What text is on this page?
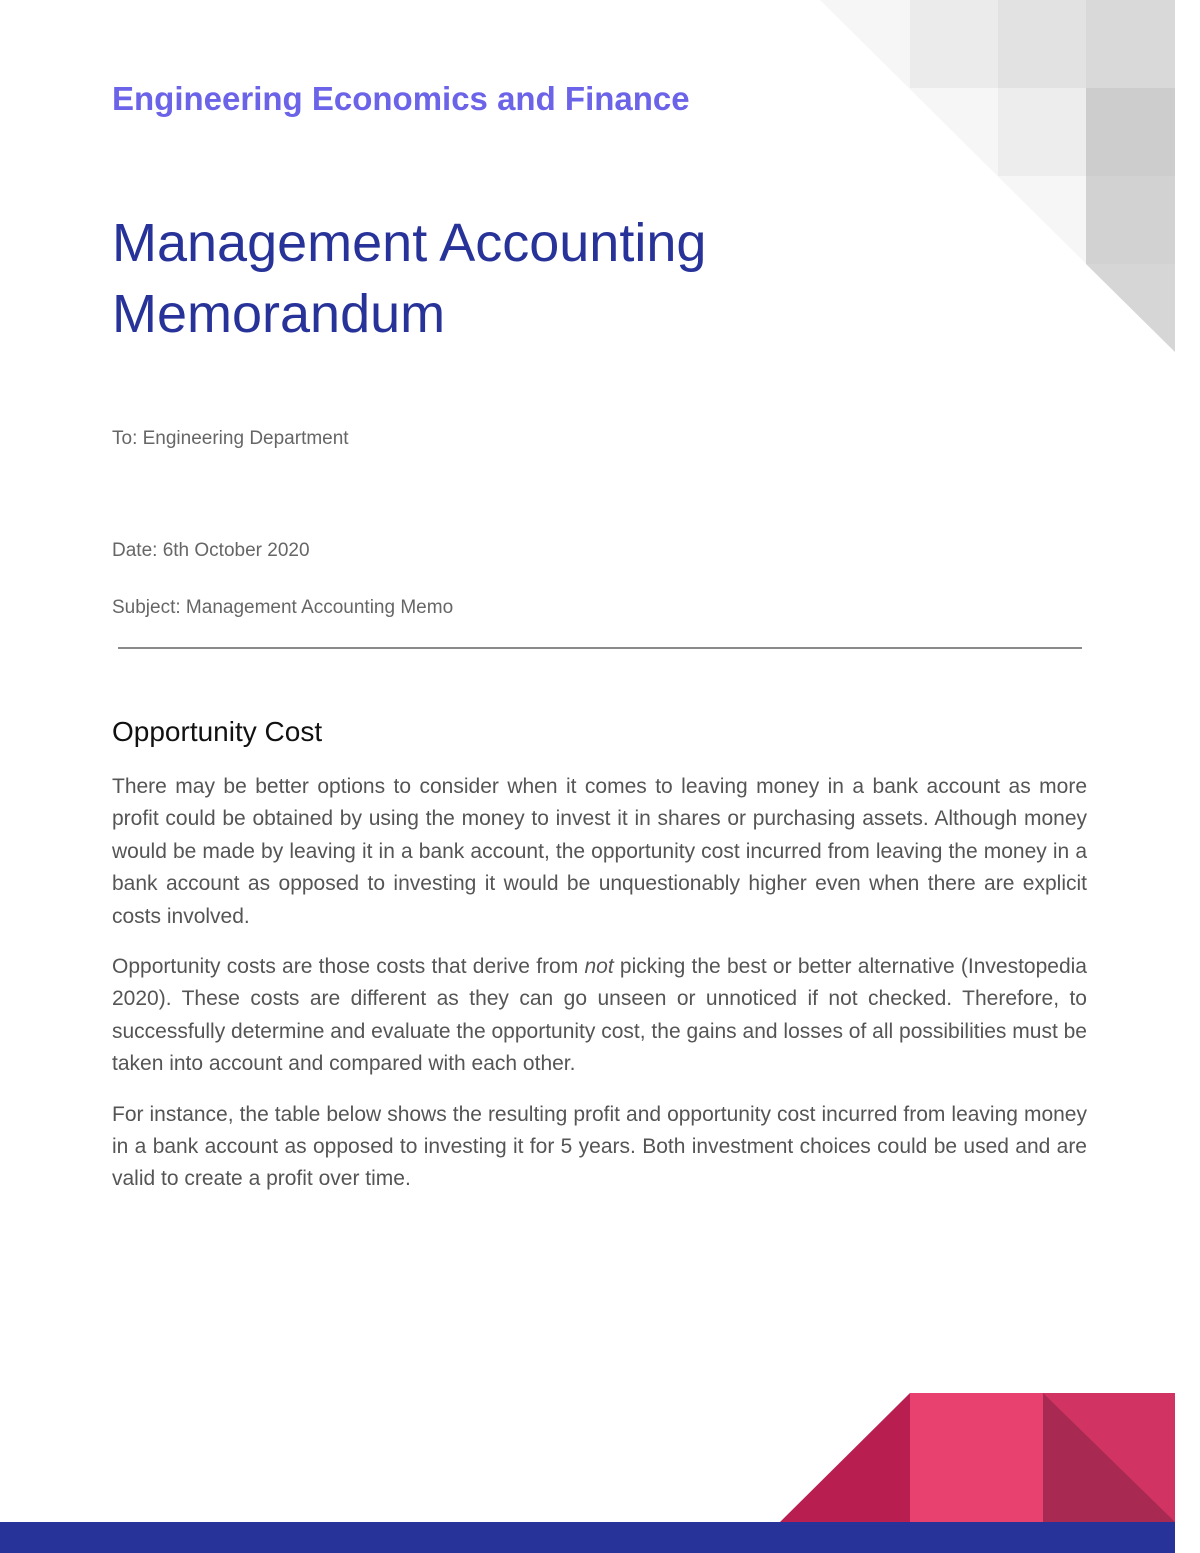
Engineering Economics and Finance
Management Accounting
Memorandum

To: Engineering Department

Date: 6th October 2020

Subject: Management Accounting Memo

Opportunity Cost

There may be better options to consider when it comes to leaving money in a bank account as more profit could be obtained by using the money to invest it in shares or purchasing assets. Although money would be made by leaving it in a bank account, the opportunity cost incurred from leaving the money in a bank account as opposed to investing it would be unquestionably higher even when there are explicit costs involved.

Opportunity costs are those costs that derive from not picking the best or better alternative (Investopedia 2020). These costs are different as they can go unseen or unnoticed if not checked. Therefore, to successfully determine and evaluate the opportunity cost, the gains and losses of all possibilities must be taken into account and compared with each other.

For instance, the table below shows the resulting profit and opportunity cost incurred from leaving money in a bank account as opposed to investing it for 5 years. Both investment choices could be used and are valid to create a profit over time.
